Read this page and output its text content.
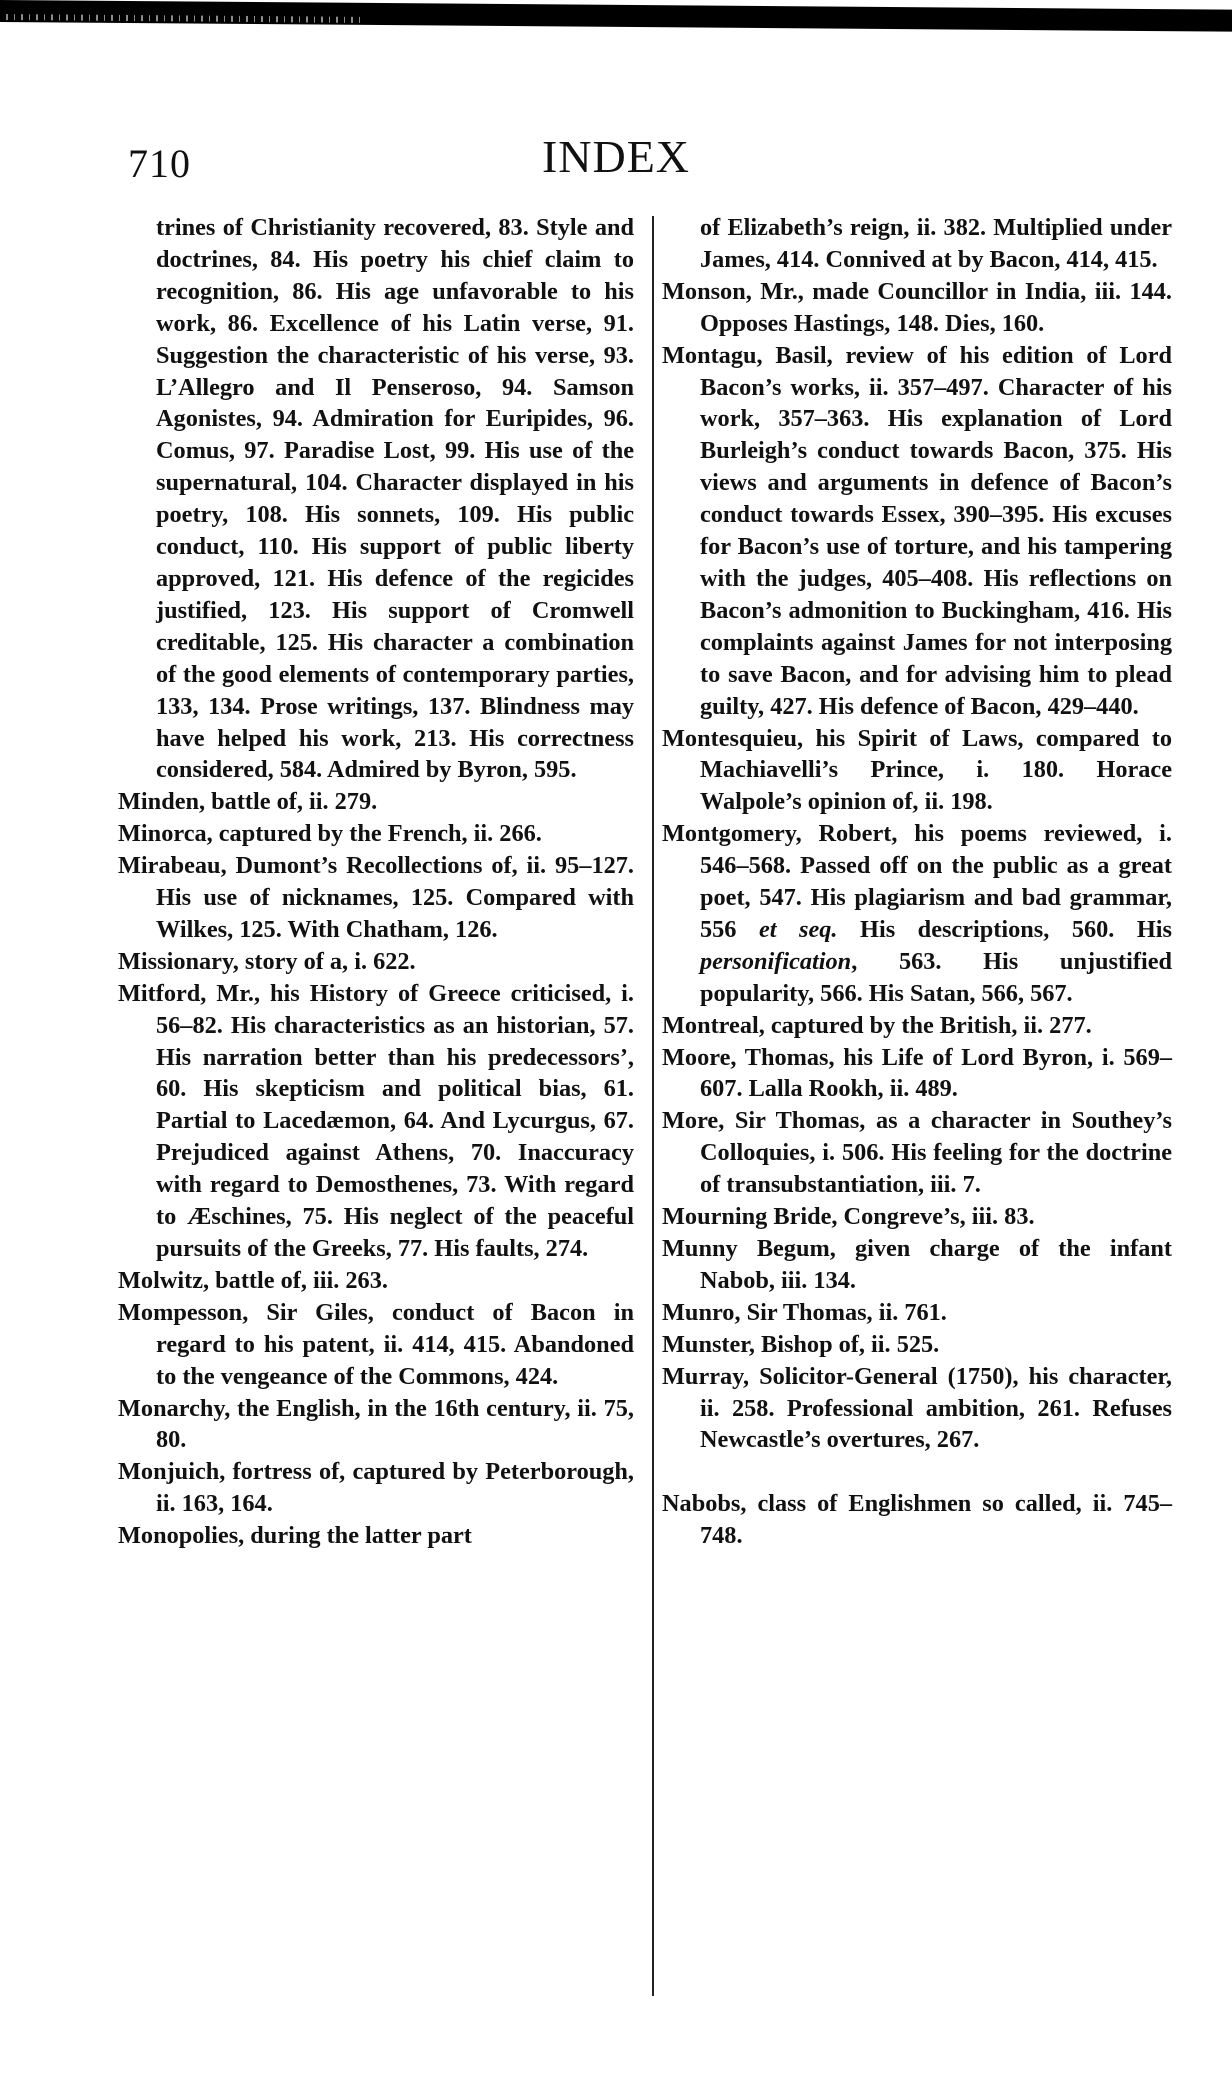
710	INDEX

trines of Christianity recovered, 83. Style and doctrines, 84. His poetry his chief claim to recognition, 86. His age unfavorable to his work, 86. Excellence of his Latin verse, 91. Suggestion the characteristic of his verse, 93. L’Allegro and Il Penseroso, 94. Samson Agonistes, 94. Admiration for Euripides, 96. Comus, 97. Paradise Lost, 99. His use of the supernatural, 104. Character displayed in his poetry, 108. His sonnets, 109. His public conduct, 110. His support of public liberty approved, 121. His defence of the regicides justified, 123. His support of Cromwell creditable, 125. His character a combination of the good elements of contemporary parties, 133, 134. Prose writings, 137. Blindness may have helped his work, 213. His correctness considered, 584. Admired by Byron, 595.

Minden, battle of, ii. 279.

Minorca, captured by the French, ii. 266.

Mirabeau, Dumont’s Recollections of, ii. 95–127. His use of nicknames, 125. Compared with Wilkes, 125. With Chatham, 126.

Missionary, story of a, i. 622.

Mitford, Mr., his History of Greece criticised, i. 56–82. His characteristics as an historian, 57. His narration better than his predecessors’, 60. His skepticism and political bias, 61. Partial to Lacedæmon, 64. And Lycurgus, 67. Prejudiced against Athens, 70. Inaccuracy with regard to Demosthenes, 73. With regard to Æschines, 75. His neglect of the peaceful pursuits of the Greeks, 77. His faults, 274.

Molwitz, battle of, iii. 263.

Mompesson, Sir Giles, conduct of Bacon in regard to his patent, ii. 414, 415. Abandoned to the vengeance of the Commons, 424.

Monarchy, the English, in the 16th century, ii. 75, 80.

Monjuich, fortress of, captured by Peterborough, ii. 163, 164.

Monopolies, during the latter part

of Elizabeth’s reign, ii. 382. Multiplied under James, 414. Connived at by Bacon, 414, 415.

Monson, Mr., made Councillor in India, iii. 144. Opposes Hastings, 148. Dies, 160.

Montagu, Basil, review of his edition of Lord Bacon’s works, ii. 357–497. Character of his work, 357–363. His explanation of Lord Burleigh’s conduct towards Bacon, 375. His views and arguments in defence of Bacon’s conduct towards Essex, 390–395. His excuses for Bacon’s use of torture, and his tampering with the judges, 405–408. His reflections on Bacon’s admonition to Buckingham, 416. His complaints against James for not interposing to save Bacon, and for advising him to plead guilty, 427. His defence of Bacon, 429–440.

Montesquieu, his Spirit of Laws, compared to Machiavelli’s Prince, i. 180. Horace Walpole’s opinion of, ii. 198.

Montgomery, Robert, his poems reviewed, i. 546–568. Passed off on the public as a great poet, 547. His plagiarism and bad grammar, 556 et seq. His descriptions, 560. His personification, 563. His unjustified popularity, 566. His Satan, 566, 567.

Montreal, captured by the British, ii. 277.

Moore, Thomas, his Life of Lord Byron, i. 569–607. Lalla Rookh, ii. 489.

More, Sir Thomas, as a character in Southey’s Colloquies, i. 506. His feeling for the doctrine of transubstantiation, iii. 7.

Mourning Bride, Congreve’s, iii. 83.

Munny Begum, given charge of the infant Nabob, iii. 134.

Munro, Sir Thomas, ii. 761.

Munster, Bishop of, ii. 525.

Murray, Solicitor-General (1750), his character, ii. 258. Professional ambition, 261. Refuses Newcastle’s overtures, 267.

Nabobs, class of Englishmen so called, ii. 745–748.
